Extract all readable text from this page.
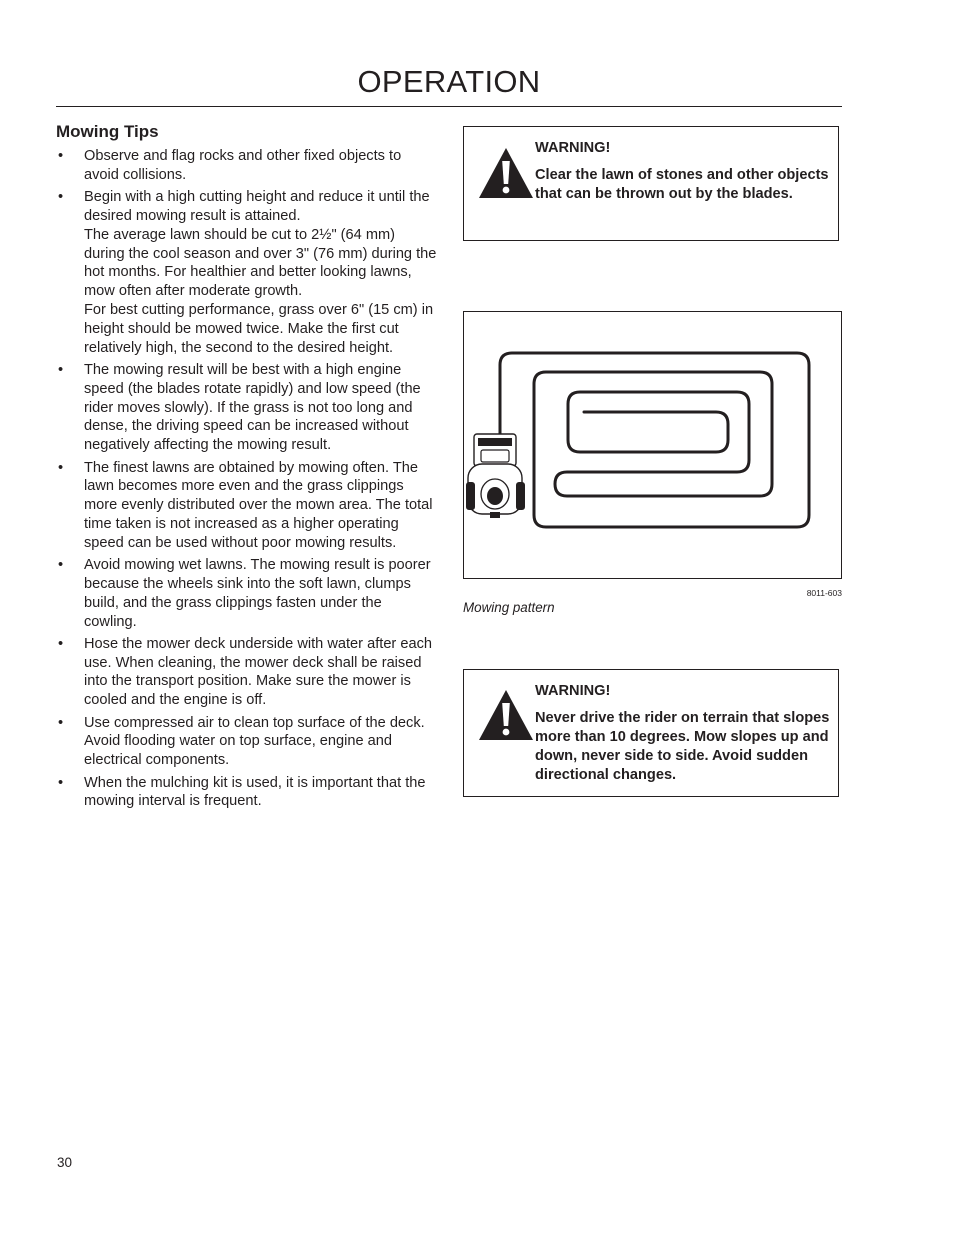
OPERATION
Mowing Tips
• Observe and flag rocks and other fixed objects to avoid collisions.

• Begin with a high cutting height and reduce it until the desired mowing result is attained.

The average lawn should be cut to 2½" (64 mm) during the cool season and over 3" (76 mm) during the hot months. For healthier and better looking lawns, mow often after moderate growth.

For best cutting performance, grass over 6" (15 cm) in height should be mowed twice. Make the first cut relatively high, the second to the desired height.

• The mowing result will be best with a high engine speed (the blades rotate rapidly) and low speed (the rider moves slowly). If the grass is not too long and dense, the driving speed can be increased without negatively affecting the mowing result.

• The finest lawns are obtained by mowing often. The lawn becomes more even and the grass clippings more evenly distributed over the mown area. The total time taken is not increased as a higher operating speed can be used without poor mowing results.

• Avoid mowing wet lawns. The mowing result is poorer because the wheels sink into the soft lawn, clumps build, and the grass clippings fasten under the cowling.

• Hose the mower deck underside with water after each use. When cleaning, the mower deck shall be raised into the transport position. Make sure the mower is cooled and the engine is off.

• Use compressed air to clean top surface of the deck. Avoid flooding water on top surface, engine and electrical components.

• When the mulching kit is used, it is important that the mowing interval is frequent.

WARNING!

Clear the lawn of stones and other objects that can be thrown out by the blades.

8011-603

Mowing pattern

WARNING!

Never drive the rider on terrain that slopes more than 10 degrees. Mow slopes up and down, never side to side. Avoid sudden directional changes.

30
